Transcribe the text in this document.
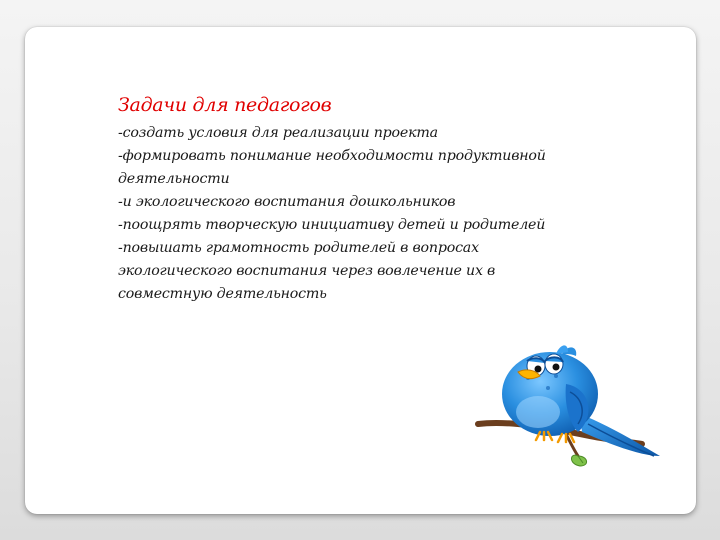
Задачи для педагогов
-создать условия для реализации проекта
-формировать понимание необходимости продуктивной деятельности
-и экологического воспитания дошкольников
-поощрять творческую инициативу детей и родителей
-повышать грамотность родителей в вопросах экологического воспитания через вовлечение их в совместную деятельность
